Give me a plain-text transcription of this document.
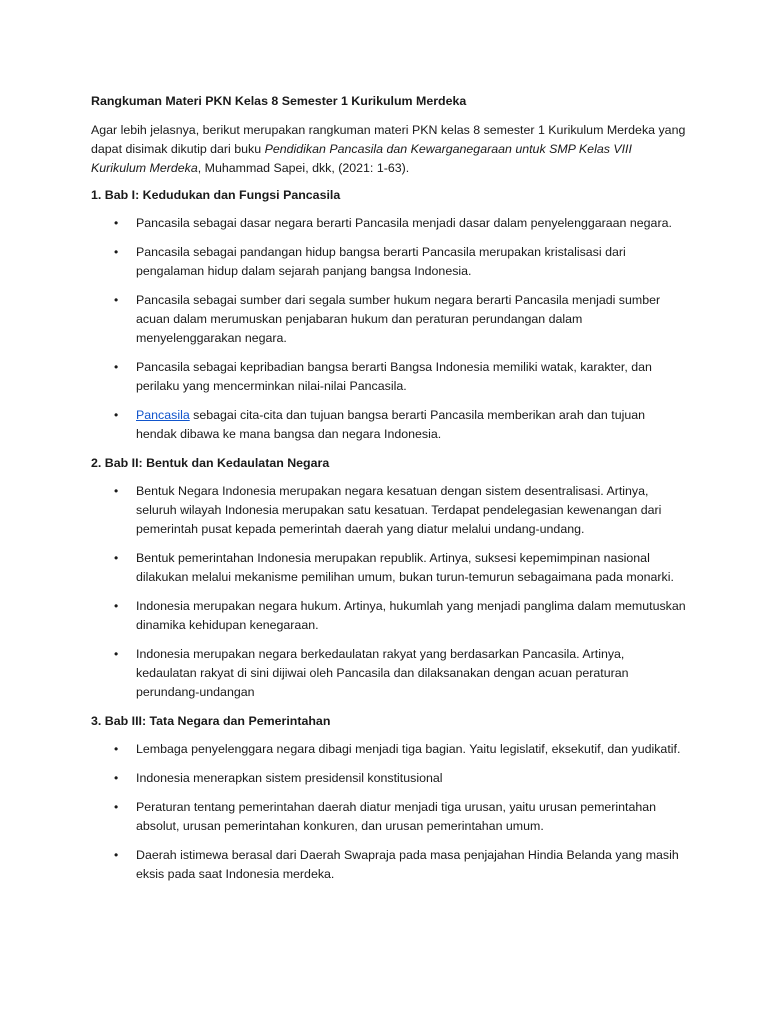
Rangkuman Materi PKN Kelas 8 Semester 1 Kurikulum Merdeka

Agar lebih jelasnya, berikut merupakan rangkuman materi PKN kelas 8 semester 1 Kurikulum Merdeka yang dapat disimak dikutip dari buku Pendidikan Pancasila dan Kewarganegaraan untuk SMP Kelas VIII Kurikulum Merdeka, Muhammad Sapei, dkk, (2021: 1-63).

1. Bab I: Kedudukan dan Fungsi Pancasila
• Pancasila sebagai dasar negara berarti Pancasila menjadi dasar dalam penyelenggaraan negara.
• Pancasila sebagai pandangan hidup bangsa berarti Pancasila merupakan kristalisasi dari pengalaman hidup dalam sejarah panjang bangsa Indonesia.
• Pancasila sebagai sumber dari segala sumber hukum negara berarti Pancasila menjadi sumber acuan dalam merumuskan penjabaran hukum dan peraturan perundangan dalam menyelenggarakan negara.
• Pancasila sebagai kepribadian bangsa berarti Bangsa Indonesia memiliki watak, karakter, dan perilaku yang mencerminkan nilai-nilai Pancasila.
• Pancasila sebagai cita-cita dan tujuan bangsa berarti Pancasila memberikan arah dan tujuan hendak dibawa ke mana bangsa dan negara Indonesia.
2. Bab II: Bentuk dan Kedaulatan Negara
• Bentuk Negara Indonesia merupakan negara kesatuan dengan sistem desentralisasi. Artinya, seluruh wilayah Indonesia merupakan satu kesatuan. Terdapat pendelegasian kewenangan dari pemerintah pusat kepada pemerintah daerah yang diatur melalui undang-undang.
• Bentuk pemerintahan Indonesia merupakan republik. Artinya, suksesi kepemimpinan nasional dilakukan melalui mekanisme pemilihan umum, bukan turun-temurun sebagaimana pada monarki.
• Indonesia merupakan negara hukum. Artinya, hukumlah yang menjadi panglima dalam memutuskan dinamika kehidupan kenegaraan.
• Indonesia merupakan negara berkedaulatan rakyat yang berdasarkan Pancasila. Artinya, kedaulatan rakyat di sini dijiwai oleh Pancasila dan dilaksanakan dengan acuan peraturan perundang-undangan
3. Bab III: Tata Negara dan Pemerintahan
• Lembaga penyelenggara negara dibagi menjadi tiga bagian. Yaitu legislatif, eksekutif, dan yudikatif.
• Indonesia menerapkan sistem presidensil konstitusional
• Peraturan tentang pemerintahan daerah diatur menjadi tiga urusan, yaitu urusan pemerintahan absolut, urusan pemerintahan konkuren, dan urusan pemerintahan umum.
• Daerah istimewa berasal dari Daerah Swapraja pada masa penjajahan Hindia Belanda yang masih eksis pada saat Indonesia merdeka.
